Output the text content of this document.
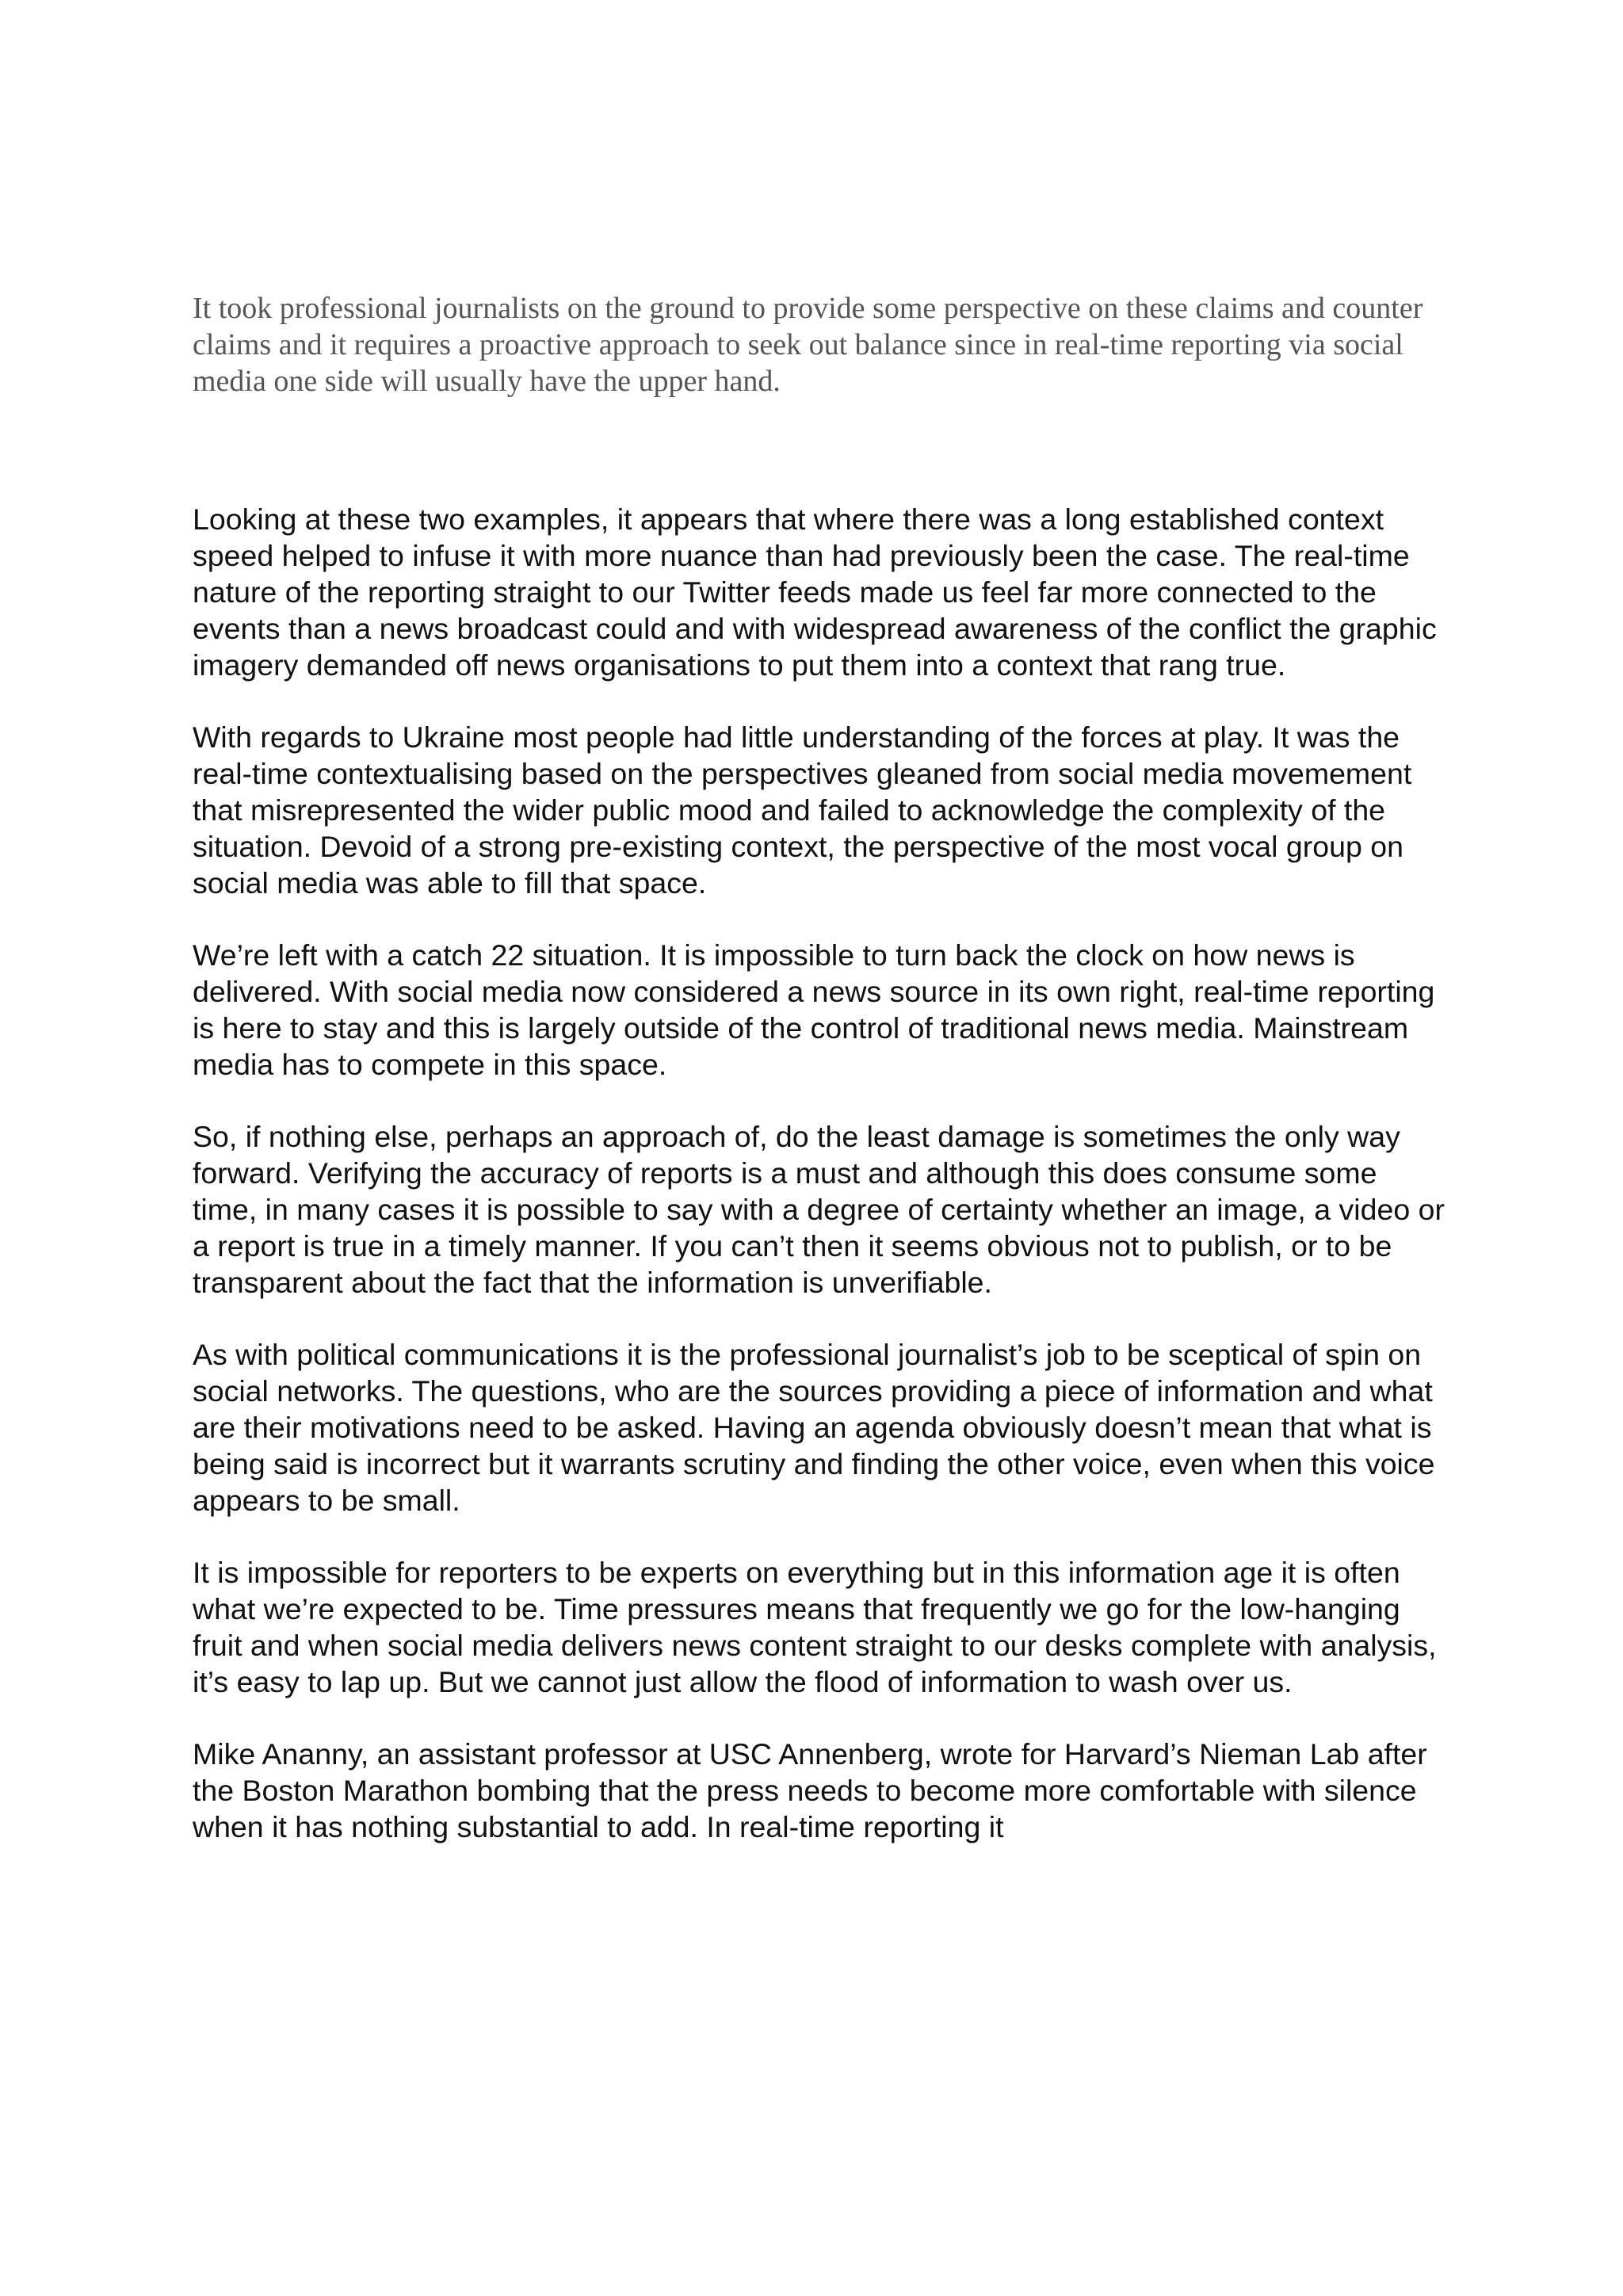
It took professional journalists on the ground to provide some perspective on these claims and counter claims and it requires a proactive approach to seek out balance since in real-time reporting via social media one side will usually have the upper hand.

Looking at these two examples, it appears that where there was a long established context speed helped to infuse it with more nuance than had previously been the case. The real-time nature of the reporting straight to our Twitter feeds made us feel far more connected to the events than a news broadcast could and with widespread awareness of the conflict the graphic imagery demanded off news organisations to put them into a context that rang true.

With regards to Ukraine most people had little understanding of the forces at play. It was the real-time contextualising based on the perspectives gleaned from social media movemement that misrepresented the wider public mood and failed to acknowledge the complexity of the situation. Devoid of a strong pre-existing context, the perspective of the most vocal group on social media was able to fill that space.

We’re left with a catch 22 situation. It is impossible to turn back the clock on how news is delivered. With social media now considered a news source in its own right, real-time reporting is here to stay and this is largely outside of the control of traditional news media. Mainstream media has to compete in this space.

So, if nothing else, perhaps an approach of, do the least damage is sometimes the only way forward. Verifying the accuracy of reports is a must and although this does consume some time, in many cases it is possible to say with a degree of certainty whether an image, a video or a report is true in a timely manner. If you can’t then it seems obvious not to publish, or to be transparent about the fact that the information is unverifiable.

As with political communications it is the professional journalist’s job to be sceptical of spin on social networks. The questions, who are the sources providing a piece of information and what are their motivations need to be asked. Having an agenda obviously doesn’t mean that what is being said is incorrect but it warrants scrutiny and finding the other voice, even when this voice appears to be small.

It is impossible for reporters to be experts on everything but in this information age it is often what we’re expected to be. Time pressures means that frequently we go for the low-hanging fruit and when social media delivers news content straight to our desks complete with analysis, it’s easy to lap up. But we cannot just allow the flood of information to wash over us.

Mike Ananny, an assistant professor at USC Annenberg, wrote for Harvard’s Nieman Lab after the Boston Marathon bombing that the press needs to become more comfortable with silence when it has nothing substantial to add. In real-time reporting it
